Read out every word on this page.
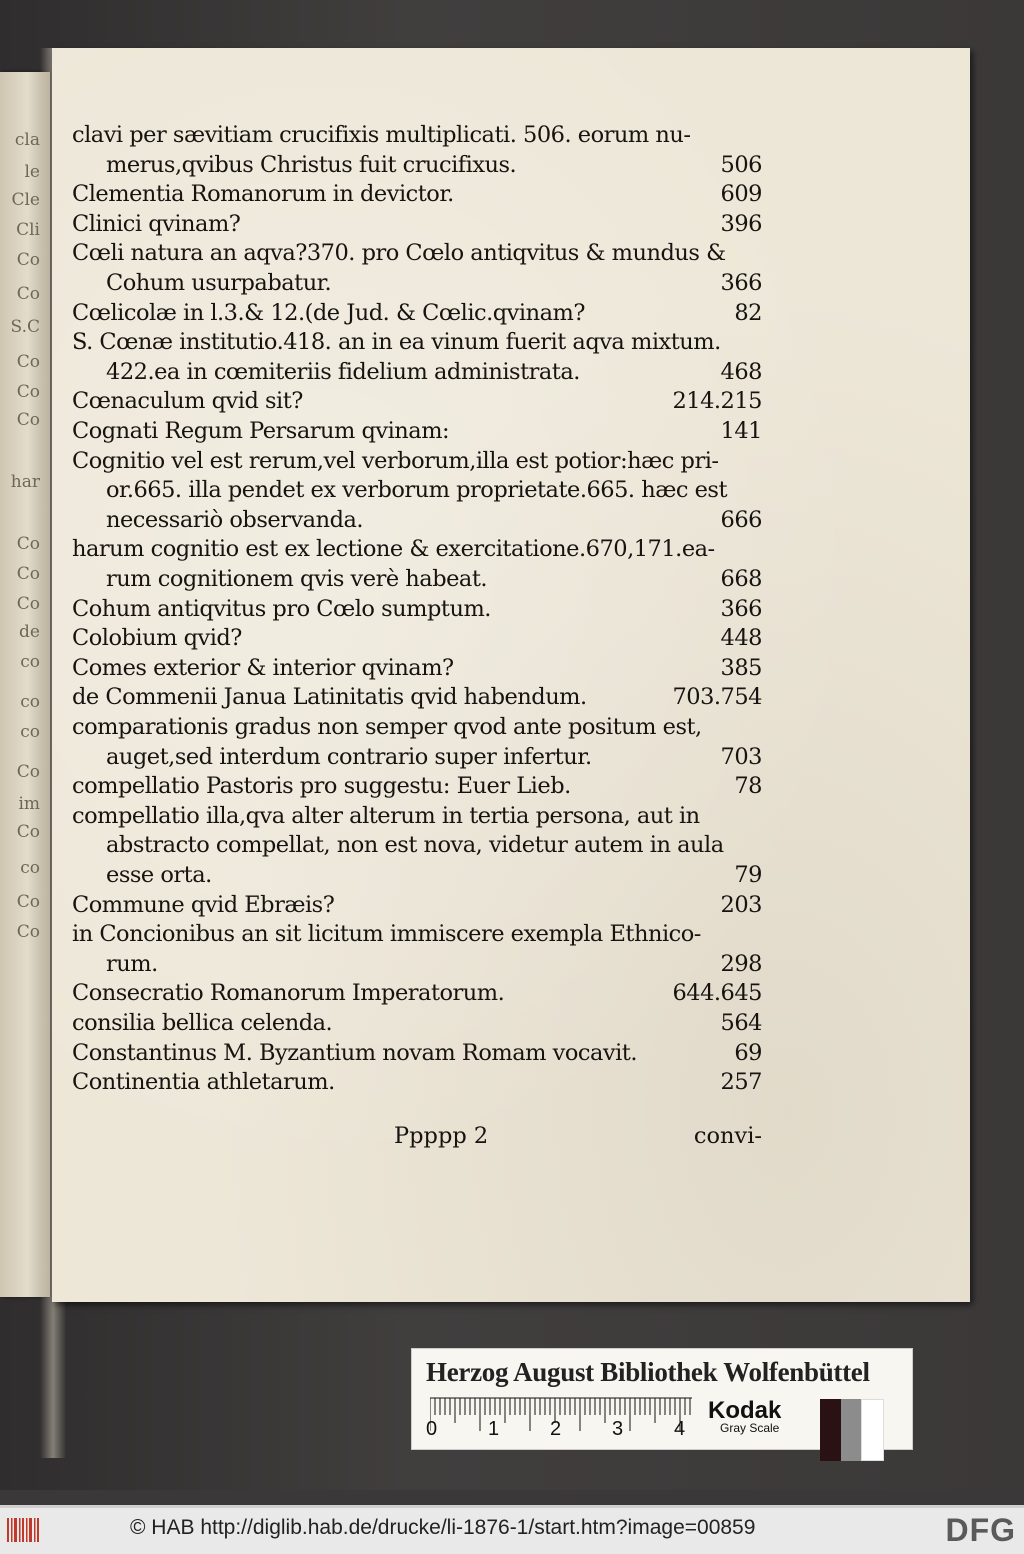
cla
le
Cle
Cli
Co
Co
S.C
Co
Co
Co
har
Co
Co
Co
de
co
co
co
Co
im
Co
co
Co
Co
clavi per sævitiam crucifixis multiplicati. 506. eorum nu-
merus,qvibus Christus fuit crucifixus.	506
Clementia Romanorum in devictor.	609
Clinici qvinam?	396
Cœli natura an aqva?370. pro Cœlo antiqvitus & mundus &
Cohum usurpabatur.	366
Cœlicolæ in l.3.& 12.(de Jud. & Cœlic.qvinam?	82
S. Cœnæ institutio.418. an in ea vinum fuerit aqva mixtum.
422.ea in cœmiteriis fidelium administrata.	468
Cœnaculum qvid sit?	214.215
Cognati Regum Persarum qvinam:	141
Cognitio vel est rerum,vel verborum,illa est potior:hæc pri-
or.665. illa pendet ex verborum proprietate.665. hæc est
necessariò observanda.	666
harum cognitio est ex lectione & exercitatione.670,171.ea-
rum cognitionem qvis verè habeat.	668
Cohum antiqvitus pro Cœlo sumptum.	366
Colobium qvid?	448
Comes exterior & interior qvinam?	385
de Commenii Janua Latinitatis qvid habendum.	703.754
comparationis gradus non semper qvod ante positum est,
auget,sed interdum contrario super infertur.	703
compellatio Pastoris pro suggestu: Euer Lieb.	78
compellatio illa,qva alter alterum in tertia persona, aut in
abstracto compellat, non est nova, videtur autem in aula
esse orta.	79
Commune qvid Ebræis?	203
in Concionibus an sit licitum immiscere exempla Ethnico-
rum.	298
Consecratio Romanorum Imperatorum.	644.645
consilia bellica celenda.	564
Constantinus M. Byzantium novam Romam vocavit.	69
Continentia athletarum.	257
Ppppp 2	convi-
Herzog August Bibliothek Wolfenbüttel
0	1	2	3	4
Kodak
Gray Scale
© HAB http://diglib.hab.de/drucke/li-1876-1/start.htm?image=00859	DFG
